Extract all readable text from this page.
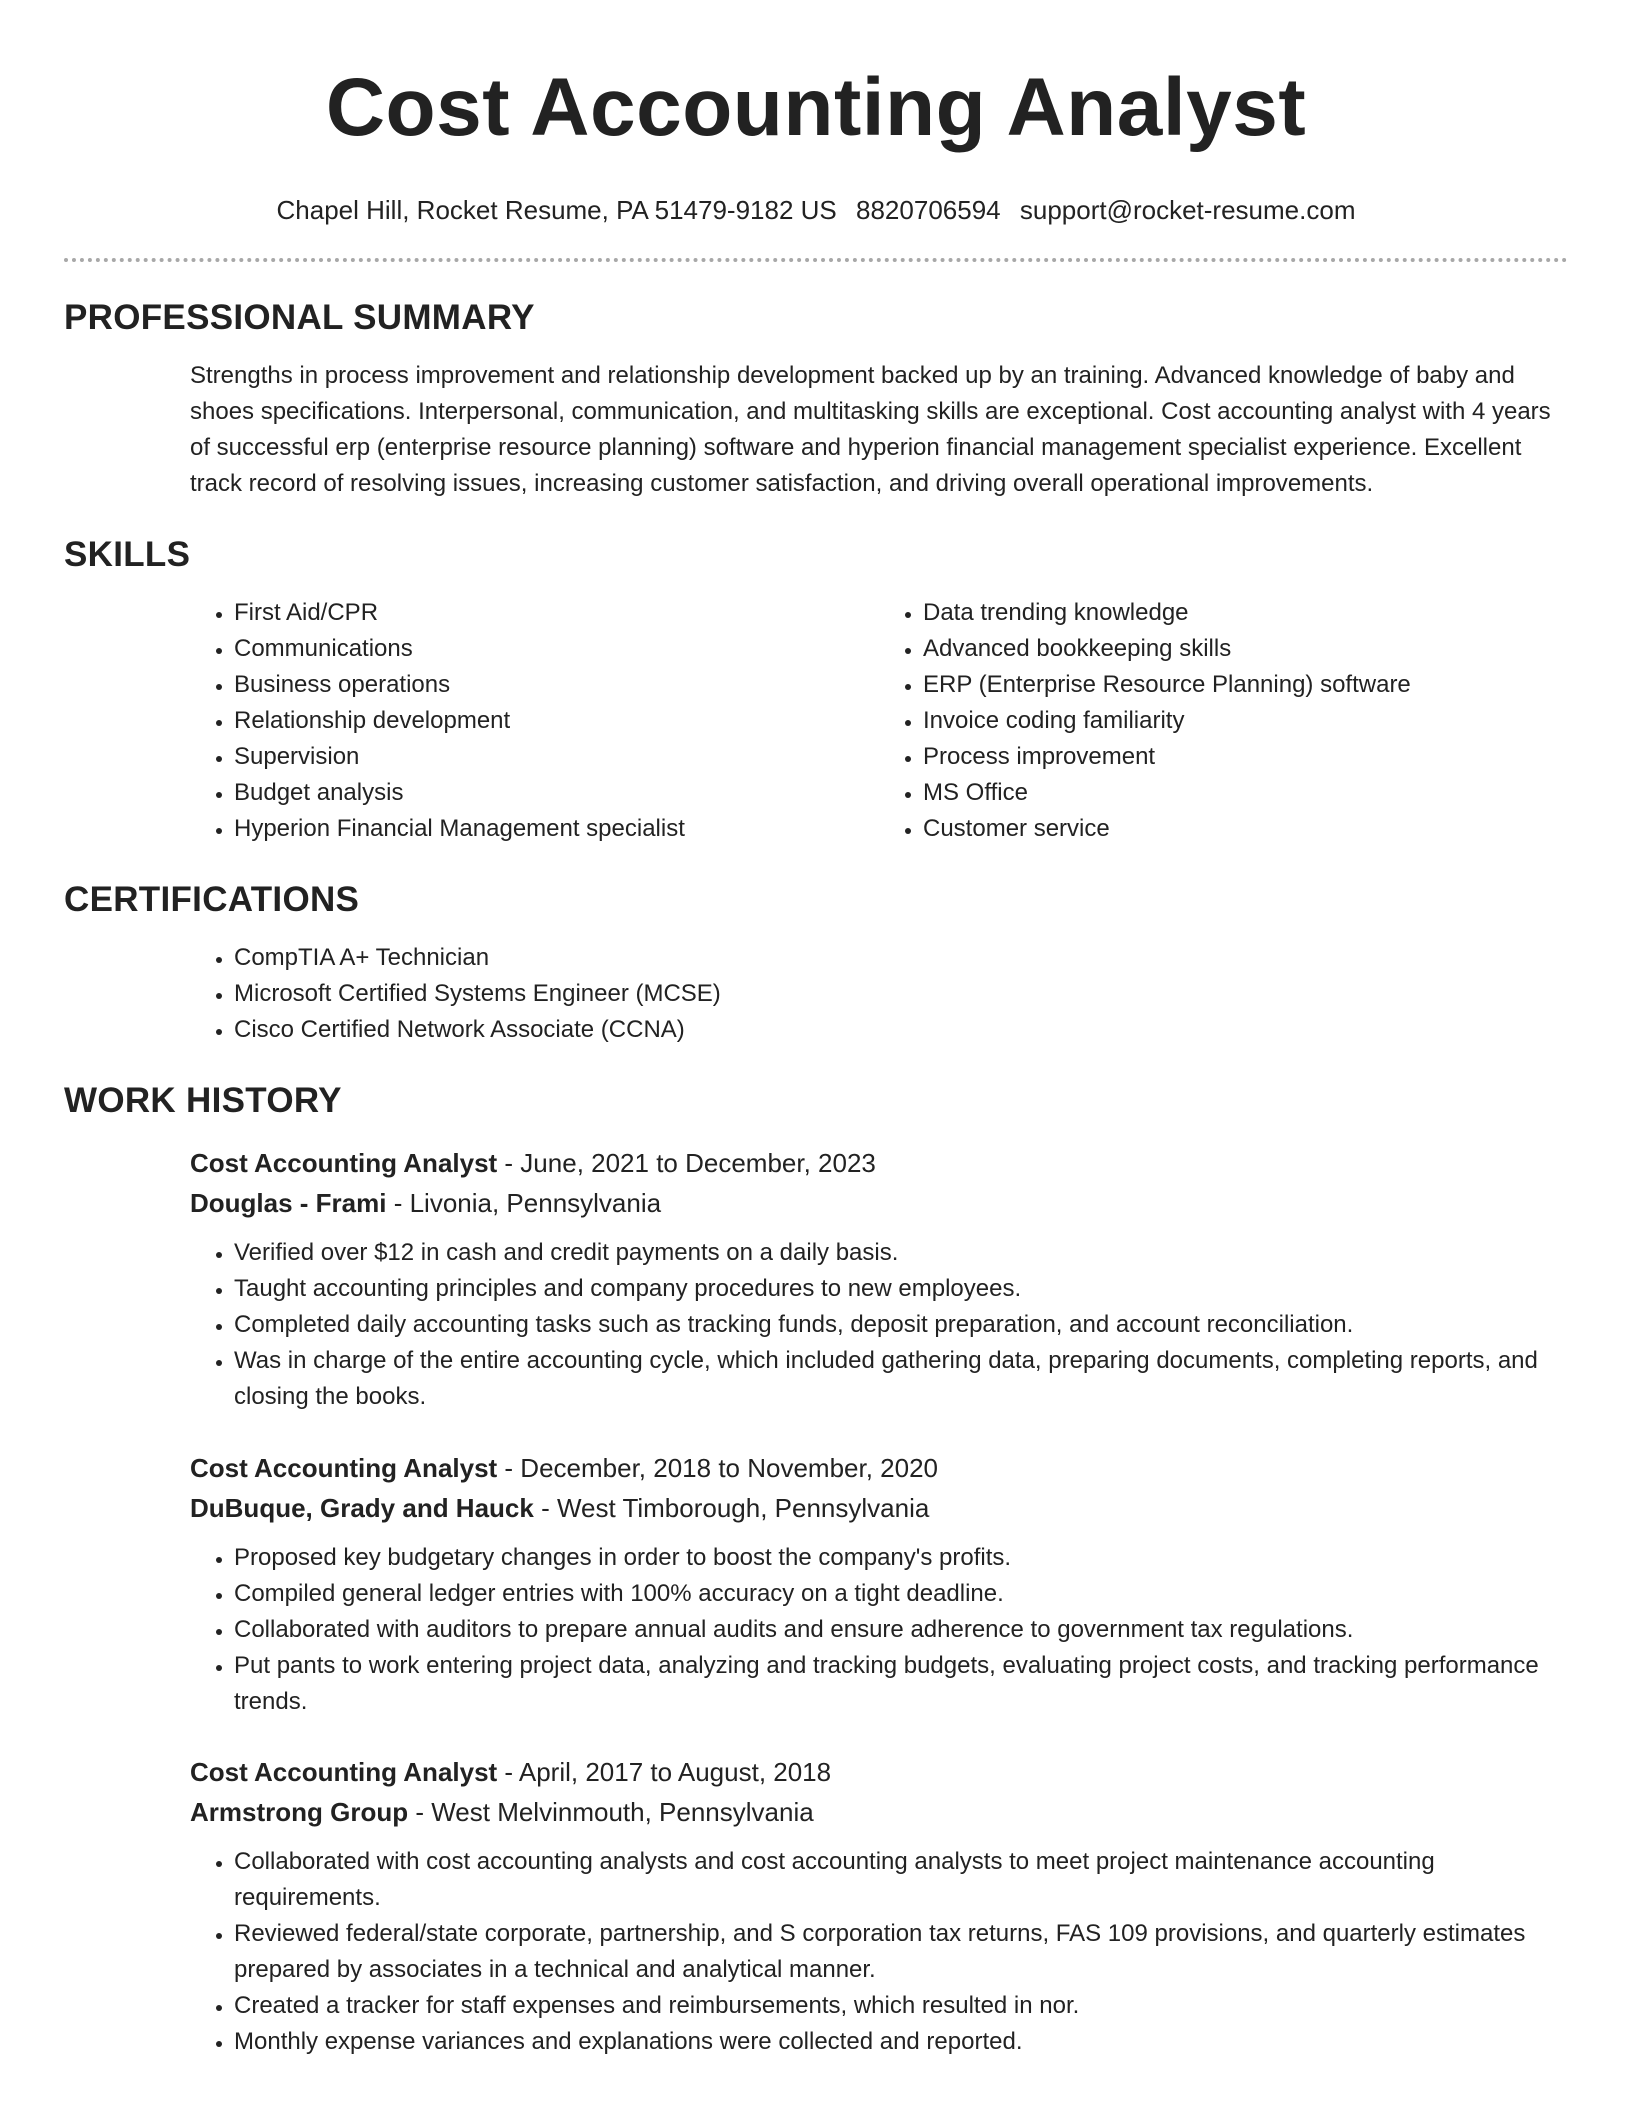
Cost Accounting Analyst
Chapel Hill, Rocket Resume, PA 51479-9182 US 8820706594 support@rocket-resume.com
PROFESSIONAL SUMMARY
Strengths in process improvement and relationship development backed up by an training. Advanced knowledge of baby and shoes specifications. Interpersonal, communication, and multitasking skills are exceptional. Cost accounting analyst with 4 years of successful erp (enterprise resource planning) software and hyperion financial management specialist experience. Excellent track record of resolving issues, increasing customer satisfaction, and driving overall operational improvements.
SKILLS
• First Aid/CPR
• Communications
• Business operations
• Relationship development
• Supervision
• Budget analysis
• Hyperion Financial Management specialist
• Data trending knowledge
• Advanced bookkeeping skills
• ERP (Enterprise Resource Planning) software
• Invoice coding familiarity
• Process improvement
• MS Office
• Customer service
CERTIFICATIONS
• CompTIA A+ Technician
• Microsoft Certified Systems Engineer (MCSE)
• Cisco Certified Network Associate (CCNA)
WORK HISTORY
Cost Accounting Analyst - June, 2021 to December, 2023
Douglas - Frami - Livonia, Pennsylvania
• Verified over $12 in cash and credit payments on a daily basis.
• Taught accounting principles and company procedures to new employees.
• Completed daily accounting tasks such as tracking funds, deposit preparation, and account reconciliation.
• Was in charge of the entire accounting cycle, which included gathering data, preparing documents, completing reports, and closing the books.
Cost Accounting Analyst - December, 2018 to November, 2020
DuBuque, Grady and Hauck - West Timborough, Pennsylvania
• Proposed key budgetary changes in order to boost the company's profits.
• Compiled general ledger entries with 100% accuracy on a tight deadline.
• Collaborated with auditors to prepare annual audits and ensure adherence to government tax regulations.
• Put pants to work entering project data, analyzing and tracking budgets, evaluating project costs, and tracking performance trends.
Cost Accounting Analyst - April, 2017 to August, 2018
Armstrong Group - West Melvinmouth, Pennsylvania
• Collaborated with cost accounting analysts and cost accounting analysts to meet project maintenance accounting requirements.
• Reviewed federal/state corporate, partnership, and S corporation tax returns, FAS 109 provisions, and quarterly estimates prepared by associates in a technical and analytical manner.
• Created a tracker for staff expenses and reimbursements, which resulted in nor.
• Monthly expense variances and explanations were collected and reported.
